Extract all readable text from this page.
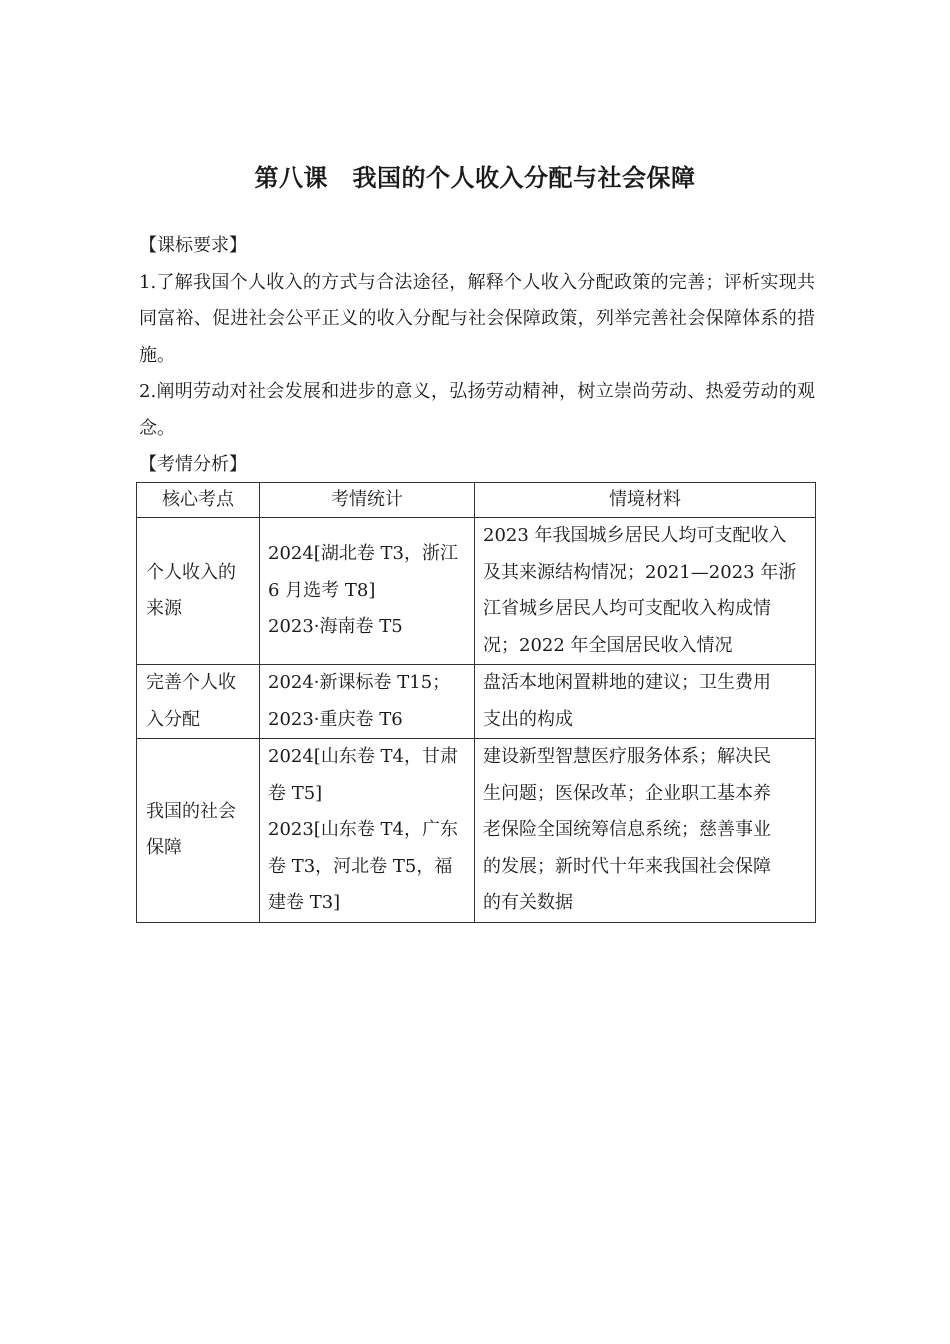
第八课　我国的个人收入分配与社会保障

【课标要求】

1.了解我国个人收入的方式与合法途径，解释个人收入分配政策的完善；评析实现共同富裕、促进社会公平正义的收入分配与社会保障政策，列举完善社会保障体系的措施。

2.阐明劳动对社会发展和进步的意义，弘扬劳动精神，树立崇尚劳动、热爱劳动的观念。

【考情分析】

核心考点	考情统计	情境材料

个人收入的
来源	2024[湖北卷 T3，浙江
6 月选考 T8]
2023·海南卷 T5	2023 年我国城乡居民人均可支配收入
及其来源结构情况；2021—2023 年浙
江省城乡居民人均可支配收入构成情
况；2022 年全国居民收入情况

完善个人收
入分配	2024·新课标卷 T15；
2023·重庆卷 T6	盘活本地闲置耕地的建议；卫生费用
支出的构成

我国的社会
保障	2024[山东卷 T4，甘肃
卷 T5]
2023[山东卷 T4，广东
卷 T3，河北卷 T5，福
建卷 T3]	建设新型智慧医疗服务体系；解决民
生问题；医保改革；企业职工基本养
老保险全国统筹信息系统；慈善事业
的发展；新时代十年来我国社会保障
的有关数据
